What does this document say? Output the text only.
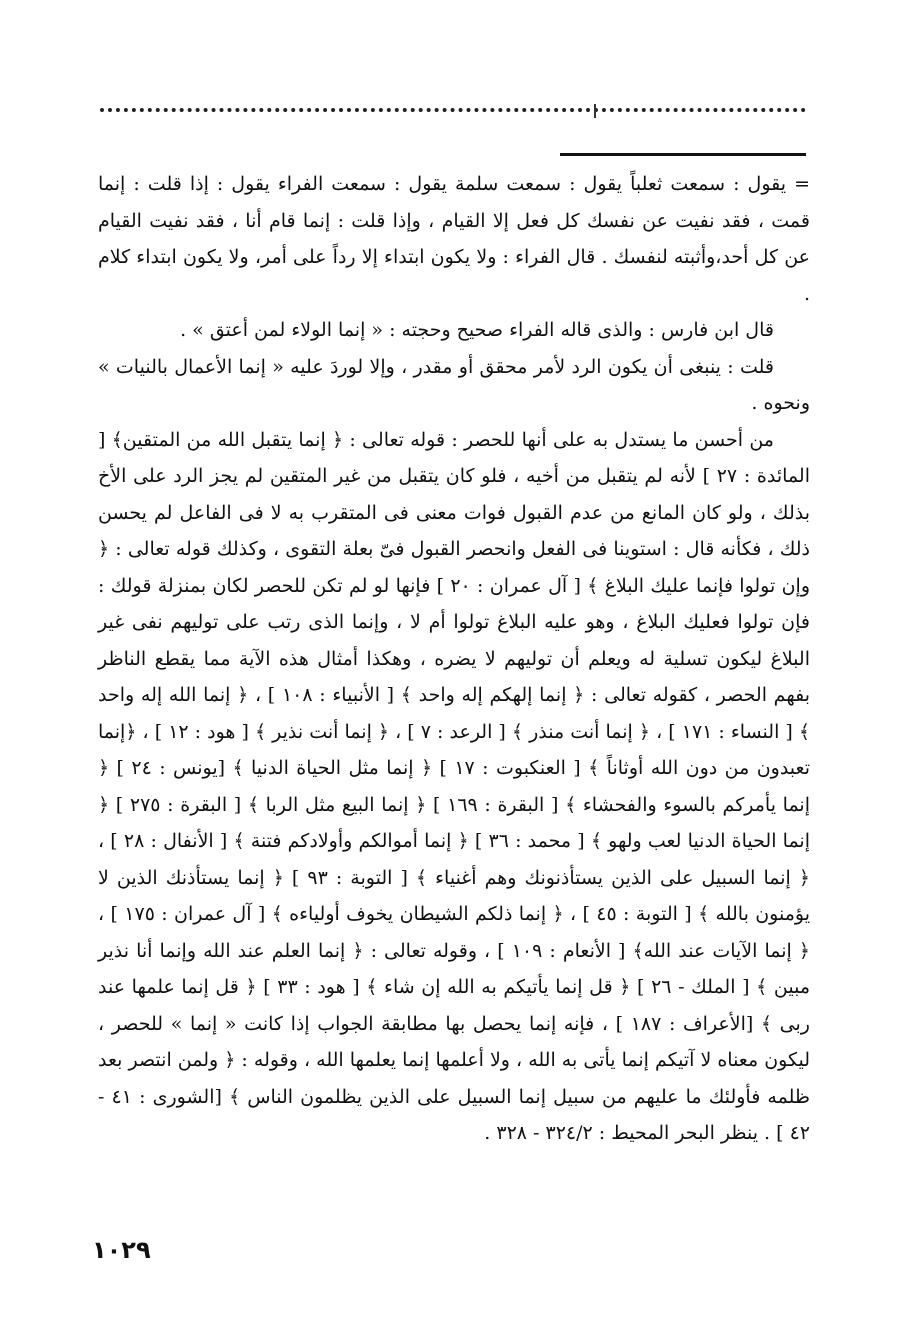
= يقول : سمعت ثعلباً يقول : سمعت سلمة يقول : سمعت الفراء يقول : إذا قلت : إنما قمت ، فقد نفيت عن نفسك كل فعل إلا القيام ، وإذا قلت : إنما قام أنا ، فقد نفيت القيام عن كل أحد،وأثبته لنفسك . قال الفراء : ولا يكون ابتداء إلا رداً على أمر، ولا يكون ابتداء كلام .

قال ابن فارس : والذى قاله الفراء صحيح وحجته : « إنما الولاء لمن أعتق » .

قلت : ينبغى أن يكون الرد لأمر محقق أو مقدر ، وإلا لوردَ عليه « إنما الأعمال بالنيات » ونحوه .

من أحسن ما يستدل به على أنها للحصر : قوله تعالى : ﴿ إنما يتقبل الله من المتقين﴾ [ المائدة : ٢٧ ] لأنه لم يتقبل من أخيه ، فلو كان يتقبل من غير المتقين لم يجز الرد على الأخ بذلك ، ولو كان المانع من عدم القبول فوات معنى فى المتقرب به لا فى الفاعل لم يحسن ذلك ، فكأنه قال : استوينا فى الفعل وانحصر القبول فىّ بعلة التقوى ، وكذلك قوله تعالى : ﴿ وإن تولوا فإنما عليك البلاغ ﴾ [ آل عمران : ٢٠ ] فإنها لو لم تكن للحصر لكان بمنزلة قولك : فإن تولوا فعليك البلاغ ، وهو عليه البلاغ تولوا أم لا ، وإنما الذى رتب على توليهم نفى غير البلاغ ليكون تسلية له ويعلم أن توليهم لا يضره ، وهكذا أمثال هذه الآية مما يقطع الناظر بفهم الحصر ، كقوله تعالى : ﴿ إنما إلهكم إله واحد ﴾ [ الأنبياء : ١٠٨ ] ، ﴿ إنما الله إله واحد ﴾ [ النساء : ١٧١ ] ، ﴿ إنما أنت منذر ﴾ [ الرعد : ٧ ] ، ﴿ إنما أنت نذير ﴾ [ هود : ١٢ ] ، ﴿إنما تعبدون من دون الله أوثاناً ﴾ [ العنكبوت : ١٧ ] ﴿ إنما مثل الحياة الدنيا ﴾ [يونس : ٢٤ ] ﴿ إنما يأمركم بالسوء والفحشاء ﴾ [ البقرة : ١٦٩ ] ﴿ إنما البيع مثل الربا ﴾ [ البقرة : ٢٧٥ ] ﴿ إنما الحياة الدنيا لعب ولهو ﴾ [ محمد : ٣٦ ] ﴿ إنما أموالكم وأولادكم فتنة ﴾ [ الأنفال : ٢٨ ] ، ﴿ إنما السبيل على الذين يستأذنونك وهم أغنياء ﴾ [ التوبة : ٩٣ ] ﴿ إنما يستأذنك الذين لا يؤمنون بالله ﴾ [ التوبة : ٤٥ ] ، ﴿ إنما ذلكم الشيطان يخوف أولياءه ﴾ [ آل عمران : ١٧٥ ] ، ﴿ إنما الآيات عند الله﴾ [ الأنعام : ١٠٩ ] ، وقوله تعالى : ﴿ إنما العلم عند الله وإنما أنا نذير مبين ﴾ [ الملك - ٢٦ ] ﴿ قل إنما يأتيكم به الله إن شاء ﴾ [ هود : ٣٣ ] ﴿ قل إنما علمها عند ربى ﴾ [الأعراف : ١٨٧ ] ، فإنه إنما يحصل بها مطابقة الجواب إذا كانت « إنما » للحصر ، ليكون معناه لا آتيكم إنما يأتى به الله ، ولا أعلمها إنما يعلمها الله ، وقوله : ﴿ ولمن انتصر بعد ظلمه فأولئك ما عليهم من سبيل إنما السبيل على الذين يظلمون الناس ﴾ [الشورى : ٤١ - ٤٢ ] . ينظر البحر المحيط : ٣٢٤/٢ - ٣٢٨ .

١٠٢٩
